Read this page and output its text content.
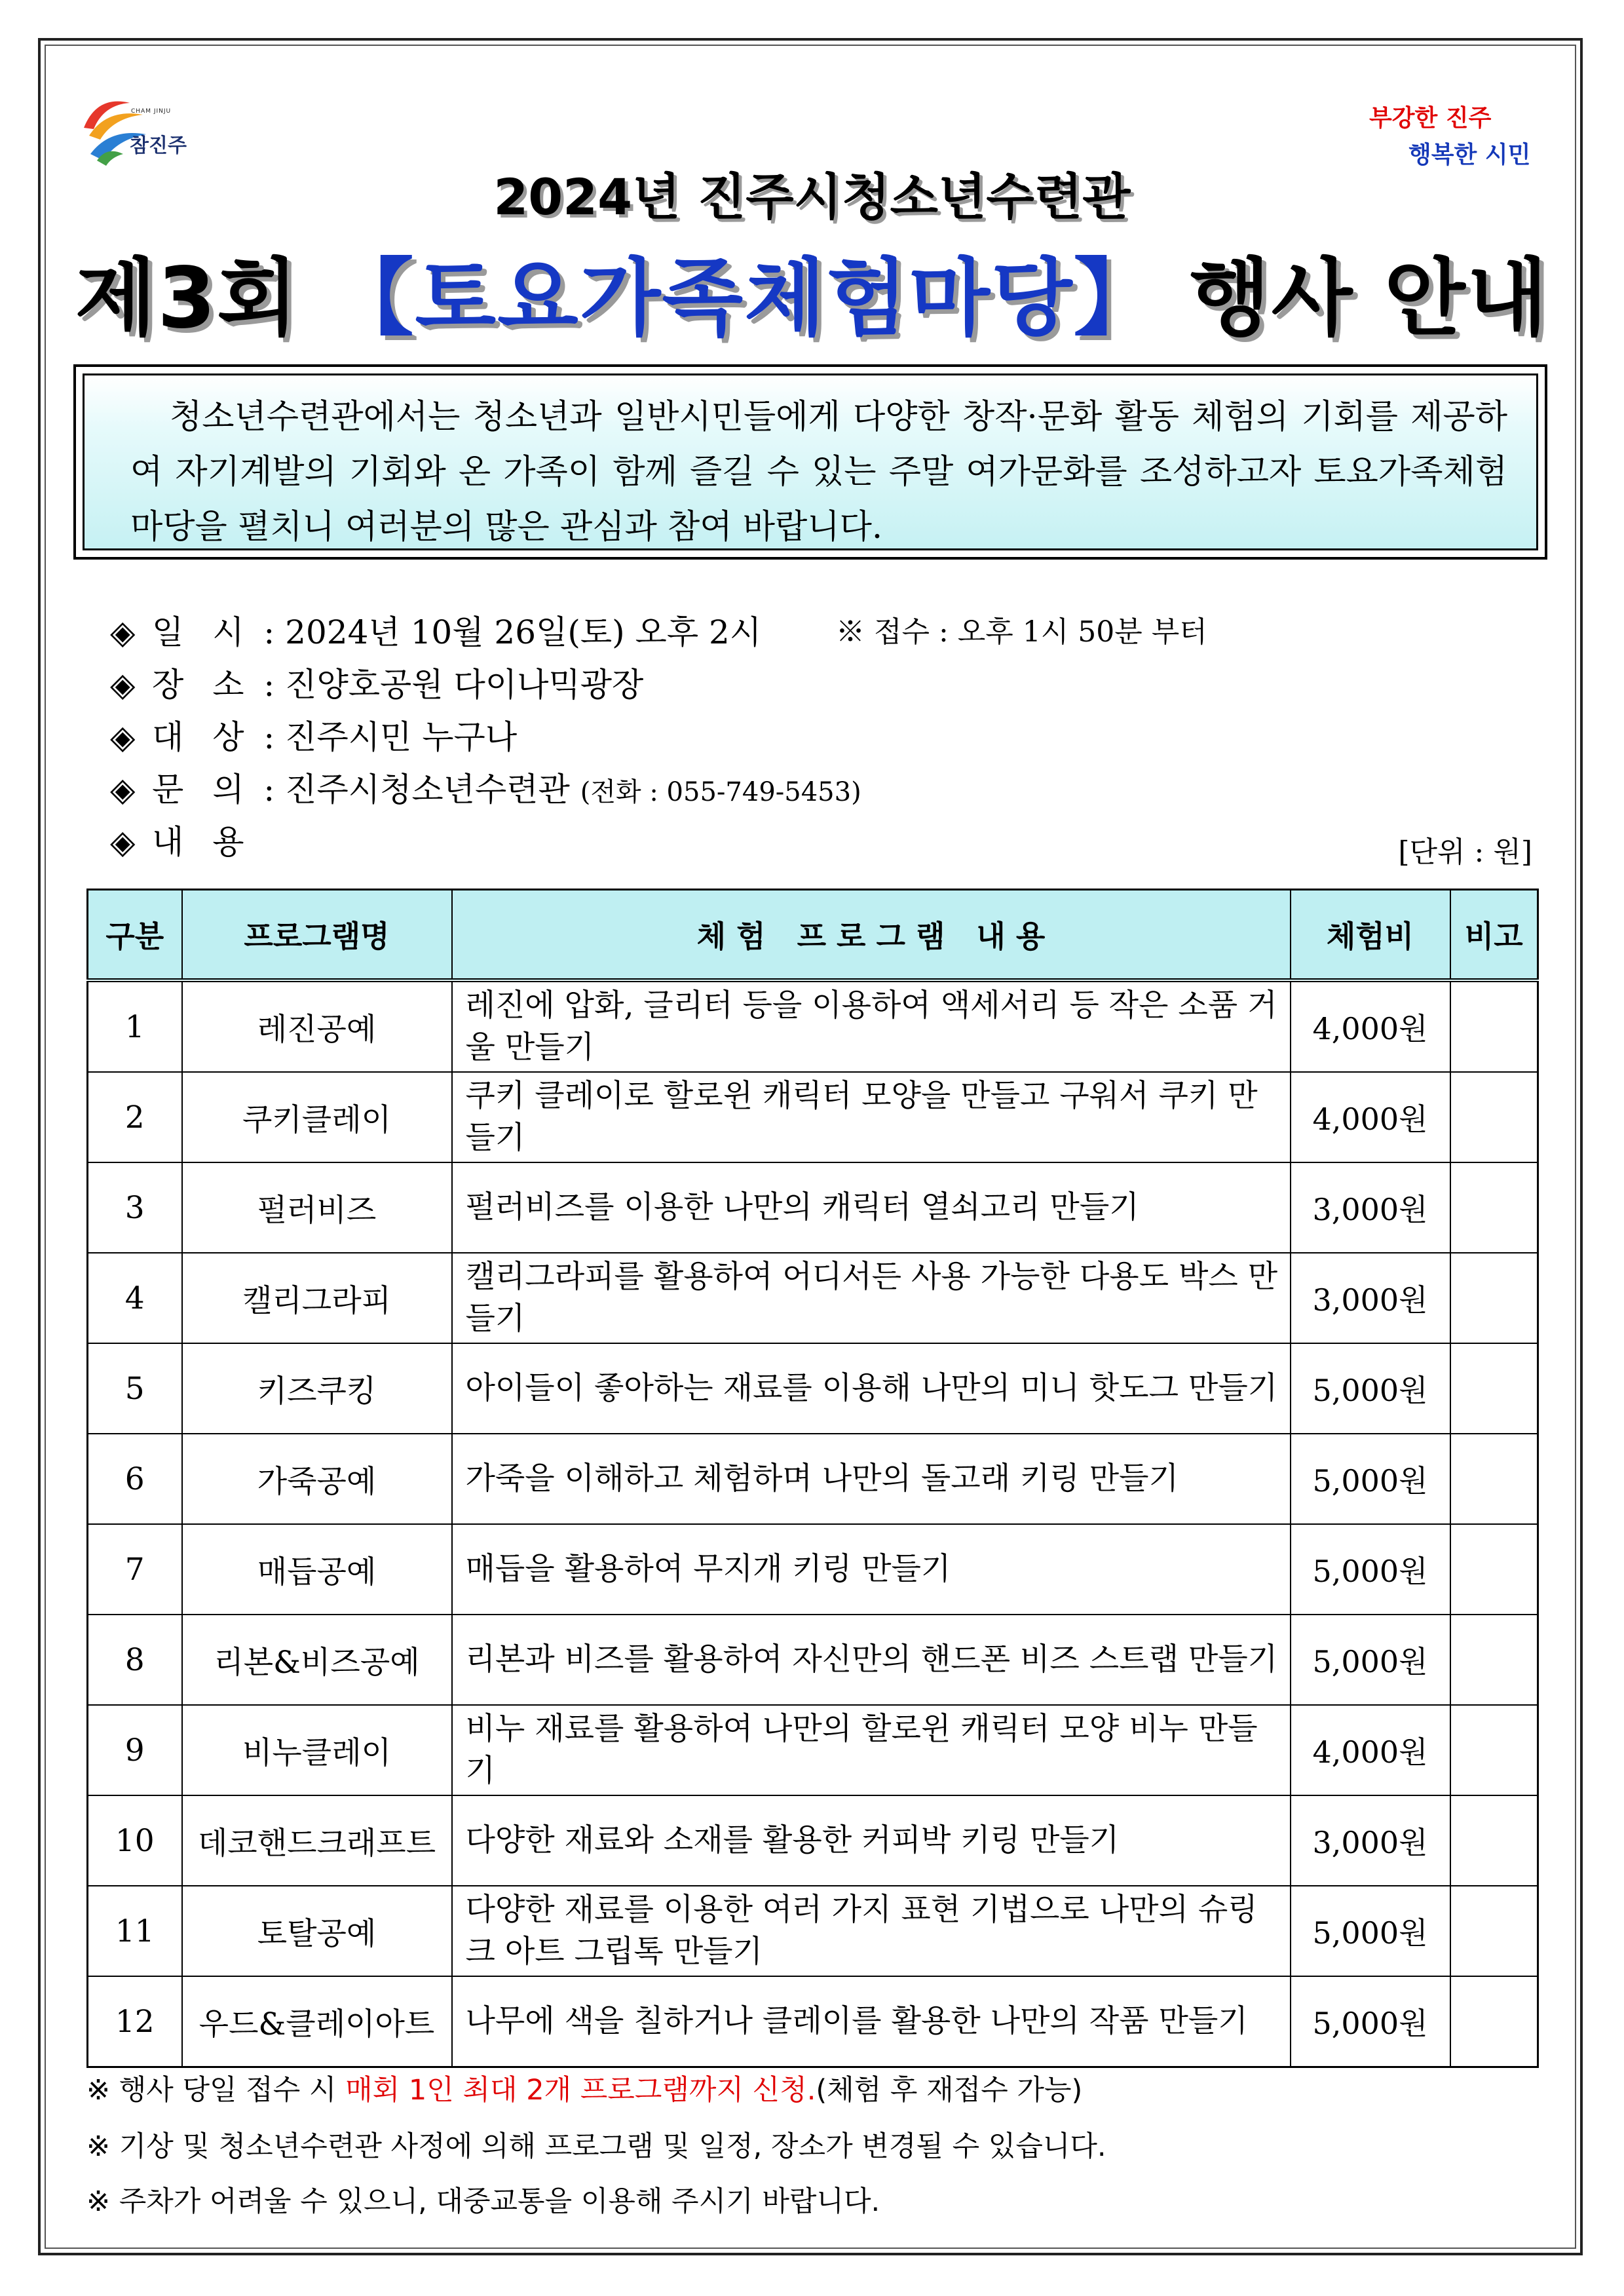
CHAM JINJU
참진주
부강한 진주
행복한 시민
2024년 진주시청소년수련관
제3회 【토요가족체험마당】 행사 안내
청소년수련관에서는 청소년과 일반시민들에게 다양한 창작·문화 활동 체험의 기회를 제공하여 자기계발의 기회와 온 가족이 함께 즐길 수 있는 주말 여가문화를 조성하고자 토요가족체험 마당을 펼치니 여러분의 많은 관심과 참여 바랍니다.
◈ 일 시 : 2024년 10월 26일(토) 오후 2시	※ 접수 : 오후 1시 50분 부터
◈ 장 소 : 진양호공원 다이나믹광장
◈ 대 상 : 진주시민 누구나
◈ 문 의 : 진주시청소년수련관 (전화 : 055-749-5453)
◈ 내 용	[단위 : 원]
구분	프로그램명	체 험   프 로 그 램   내 용	체험비	비고
1	레진공예	레진에 압화, 글리터 등을 이용하여 액세서리 등 작은 소품 거울 만들기	4,000원	
2	쿠키클레이	쿠키 클레이로 할로윈 캐릭터 모양을 만들고 구워서 쿠키 만들기	4,000원	
3	펄러비즈	펄러비즈를 이용한 나만의 캐릭터 열쇠고리 만들기	3,000원	
4	캘리그라피	캘리그라피를 활용하여 어디서든 사용 가능한 다용도 박스 만들기	3,000원	
5	키즈쿠킹	아이들이 좋아하는 재료를 이용해 나만의 미니 핫도그 만들기	5,000원	
6	가죽공예	가죽을 이해하고 체험하며 나만의 돌고래 키링 만들기	5,000원	
7	매듭공예	매듭을 활용하여 무지개 키링 만들기	5,000원	
8	리본&비즈공예	리본과 비즈를 활용하여 자신만의 핸드폰 비즈 스트랩 만들기	5,000원	
9	비누클레이	비누 재료를 활용하여 나만의 할로윈 캐릭터 모양 비누 만들기	4,000원	
10	데코핸드크래프트	다양한 재료와 소재를 활용한 커피박 키링 만들기	3,000원	
11	토탈공예	다양한 재료를 이용한 여러 가지 표현 기법으로 나만의 슈링크 아트 그립톡 만들기	5,000원	
12	우드&클레이아트	나무에 색을 칠하거나 클레이를 활용한 나만의 작품 만들기	5,000원	
※ 행사 당일 접수 시 매회 1인 최대 2개 프로그램까지 신청.(체험 후 재접수 가능)
※ 기상 및 청소년수련관 사정에 의해 프로그램 및 일정, 장소가 변경될 수 있습니다.
※ 주차가 어려울 수 있으니, 대중교통을 이용해 주시기 바랍니다.
